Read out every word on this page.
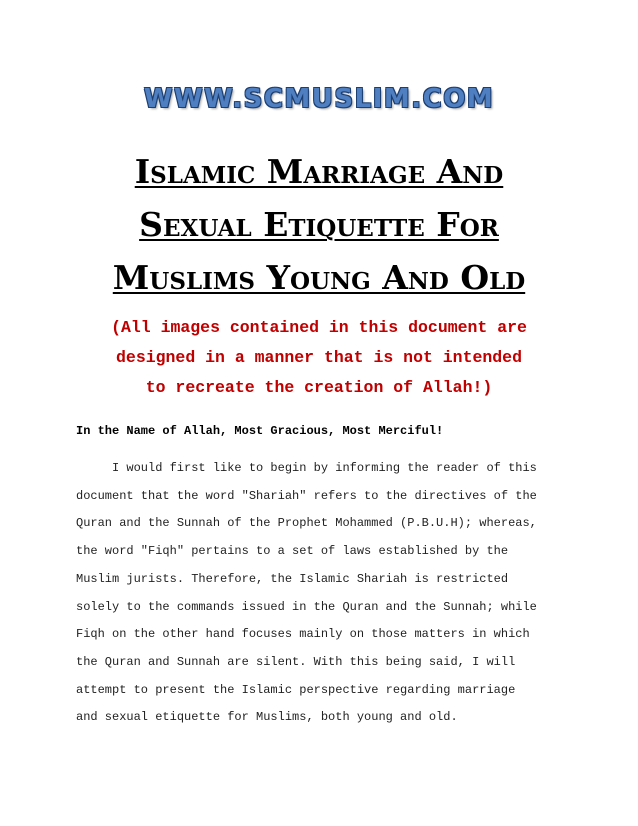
WWW.SCMUSLIM.COM
Islamic Marriage And
Sexual Etiquette For
Muslims Young And Old
(All images contained in this document are
designed in a manner that is not intended
to recreate the creation of Allah!)
In the Name of Allah, Most Gracious, Most Merciful!
I would first like to begin by informing the reader of this
document that the word "Shariah" refers to the directives of the
Quran and the Sunnah of the Prophet Mohammed (P.B.U.H); whereas,
the word "Fiqh" pertains to a set of laws established by the
Muslim jurists. Therefore, the Islamic Shariah is restricted
solely to the commands issued in the Quran and the Sunnah; while
Fiqh on the other hand focuses mainly on those matters in which
the Quran and Sunnah are silent. With this being said, I will
attempt to present the Islamic perspective regarding marriage
and sexual etiquette for Muslims, both young and old.
